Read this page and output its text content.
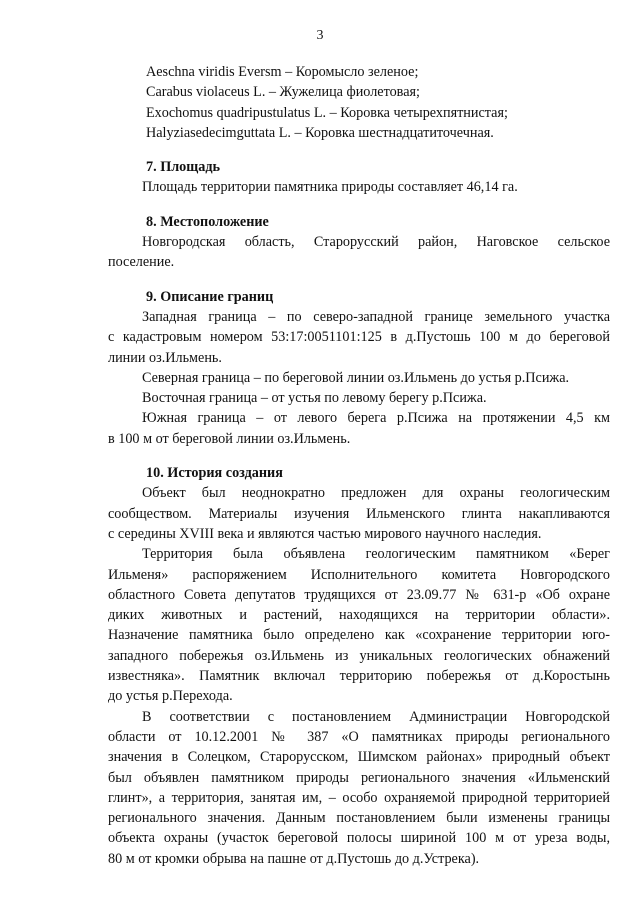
3
Aeschna viridis Eversm – Коромысло зеленое;
Carabus violaceus L. – Жужелица фиолетовая;
Exochomus quadripustulatus L. – Коровка четырехпятнистая;
Halyziasedecimguttata L. – Коровка шестнадцатиточечная.
7. Площадь
Площадь территории памятника природы составляет 46,14 га.
8. Местоположение
Новгородская область, Старорусский район, Наговское сельское
поселение.
9. Описание границ
Западная граница – по северо-западной границе земельного участка
с кадастровым номером 53:17:0051101:125 в д.Пустошь 100 м до береговой
линии оз.Ильмень.
Северная граница – по береговой линии оз.Ильмень до устья р.Псижа.
Восточная граница – от устья по левому берегу р.Псижа.
Южная граница – от левого берега р.Псижа на протяжении 4,5 км
в 100 м от береговой линии оз.Ильмень.
10. История создания
Объект был неоднократно предложен для охраны геологическим
сообществом. Материалы изучения Ильменского глинта накапливаются
с середины XVIII века и являются частью мирового научного наследия.
Территория была объявлена геологическим памятником «Берег
Ильменя» распоряжением Исполнительного комитета Новгородского
областного Совета депутатов трудящихся от 23.09.77 № 631-р «Об охране
диких животных и растений, находящихся на территории области».
Назначение памятника было определено как «сохранение территории юго-
западного побережья оз.Ильмень из уникальных геологических обнажений
известняка». Памятник включал территорию побережья от д.Коростынь
до устья р.Перехода.
В соответствии с постановлением Администрации Новгородской
области от 10.12.2001 № 387 «О памятниках природы регионального
значения в Солецком, Старорусском, Шимском районах» природный объект
был объявлен памятником природы регионального значения «Ильменский
глинт», а территория, занятая им, – особо охраняемой природной территорией
регионального значения. Данным постановлением были изменены границы
объекта охраны (участок береговой полосы шириной 100 м от уреза воды,
80 м от кромки обрыва на пашне от д.Пустошь до д.Устрека).
